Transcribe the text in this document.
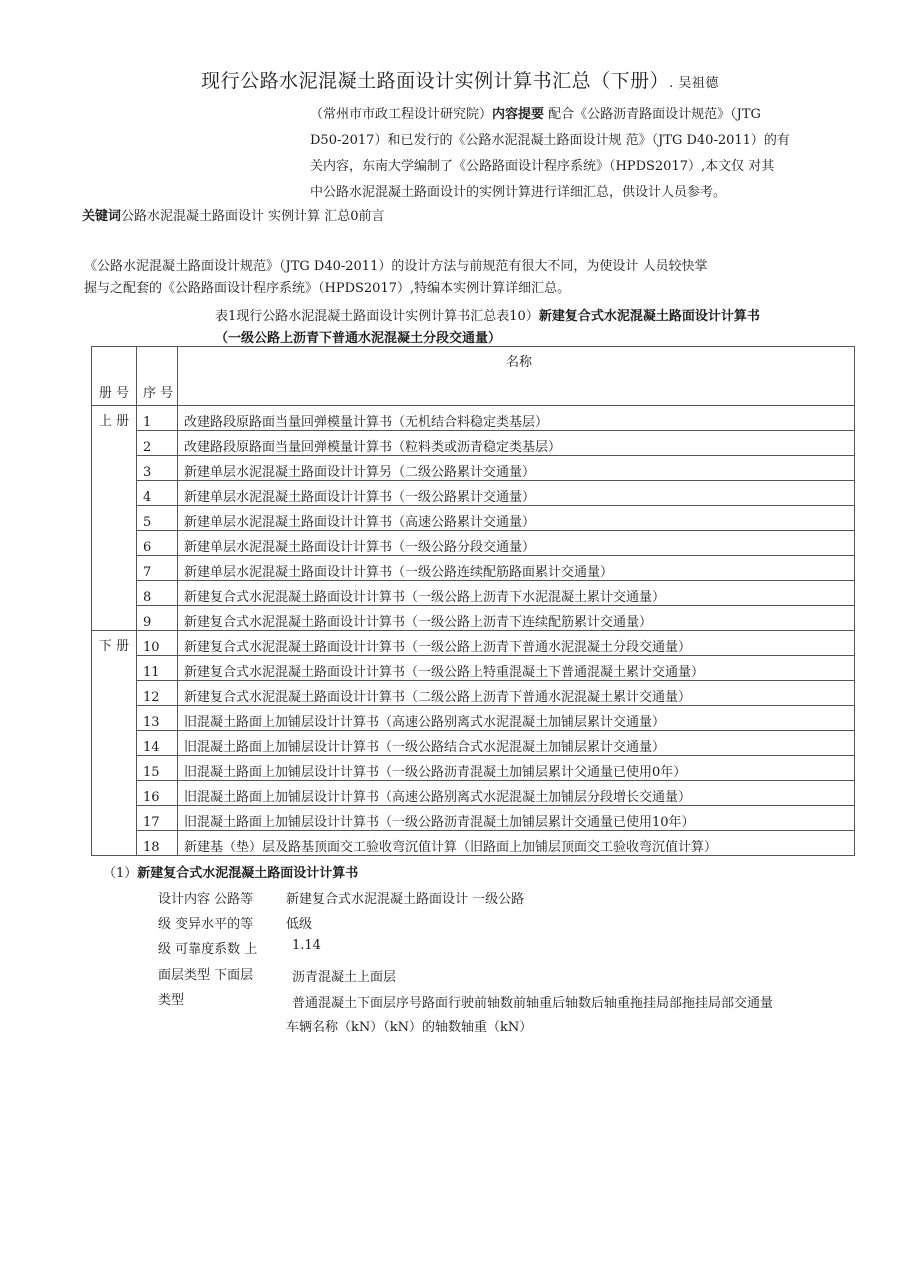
现行公路水泥混凝土路面设计实例计算书汇总（下册）. 吴祖德
（常州市市政工程设计研究院）内容提要 配合《公路沥青路面设计规范》（JTG
D50-2017）和已发行的《公路水泥混凝土路面设计规 范》（JTG D40-2011）的有
关内容，东南大学编制了《公路路面设计程序系统》（HPDS2017）,本文仅 对其
中公路水泥混凝土路面设计的实例计算进行详细汇总，供设计人员参考。
关键词公路水泥混凝土路面设计 实例计算 汇总0前言
《公路水泥混凝土路面设计规范》（JTG D40-2011）的设计方法与前规范有很大不同，为使设计 人员较快掌
握与之配套的《公路路面设计程序系统》（HPDS2017）,特编本实例计算详细汇总。
表1现行公路水泥混凝土路面设计实例计算书汇总表10）新建复合式水泥混凝土路面设计计算书
（一级公路上沥青下普通水泥混凝土分段交通量）
册 号	序 号	名称
上 册	1	改建路段原路面当量回弹模量计算书（无机结合料稳定类基层）
	2	改建路段原路面当量回弹模量计算书（粒料类或沥青稳定类基层）
	3	新建单层水泥混凝土路面设计计算另（二级公路累计交通量）
	4	新建单层水泥混凝土路面设计计算书（一级公路累计交通量）
	5	新建单层水泥混凝土路面设计计算书（高速公路累计交通量）
	6	新建单层水泥混凝土路面设计计算书（一级公路分段交通量）
	7	新建单层水泥混凝土路面设计计算书（一级公路连续配筋路面累计交通量）
	8	新建复合式水泥混凝土路面设计计算书（一级公路上沥青下水泥混凝土累计交通量）
	9	新建复合式水泥混凝土路面设计计算书（一级公路上沥青下连续配筋累计交通量）
下 册	10	新建复合式水泥混凝土路面设计计算书（一级公路上沥青下普通水泥混凝土分段交通量）
	11	新建复合式水泥混凝土路面设计计算书（一级公路上特重混凝土下普通混凝土累计交通量）
	12	新建复合式水泥混凝土路面设计计算书（二级公路上沥青下普通水泥混凝土累计交通量）
	13	旧混凝土路面上加铺层设计计算书（高速公路别离式水泥混凝土加铺层累计交通量）
	14	旧混凝土路面上加铺层设计计算书（一级公路结合式水泥混凝土加铺层累计交通量）
	15	旧混凝土路面上加铺层设计计算书（一级公路沥青混凝土加铺层累计父通量已使用0年）
	16	旧混凝土路面上加铺层设计计算书（高速公路别离式水泥混凝土加铺层分段增长交通量）
	17	旧混凝土路面上加铺层设计计算书（一级公路沥青混凝土加铺层累计交通量已使用10年）
	18	新建基（垫）层及路基顶面交工验收弯沉值计算（旧路面上加铺层顶面交工验收弯沉值计算）
（1）新建复合式水泥混凝土路面设计计算书
设计内容 公路等	新建复合式水泥混凝土路面设计 一级公路
级 变异水平的等	低级
级 可靠度系数 上	1.14
面层类型 下面层	沥青混凝土上面层
类型	普通混凝土下面层序号路面行驶前轴数前轴重后轴数后轴重拖挂局部拖挂局部交通量
车辆名称（kN）（kN）的轴数轴重（kN）
